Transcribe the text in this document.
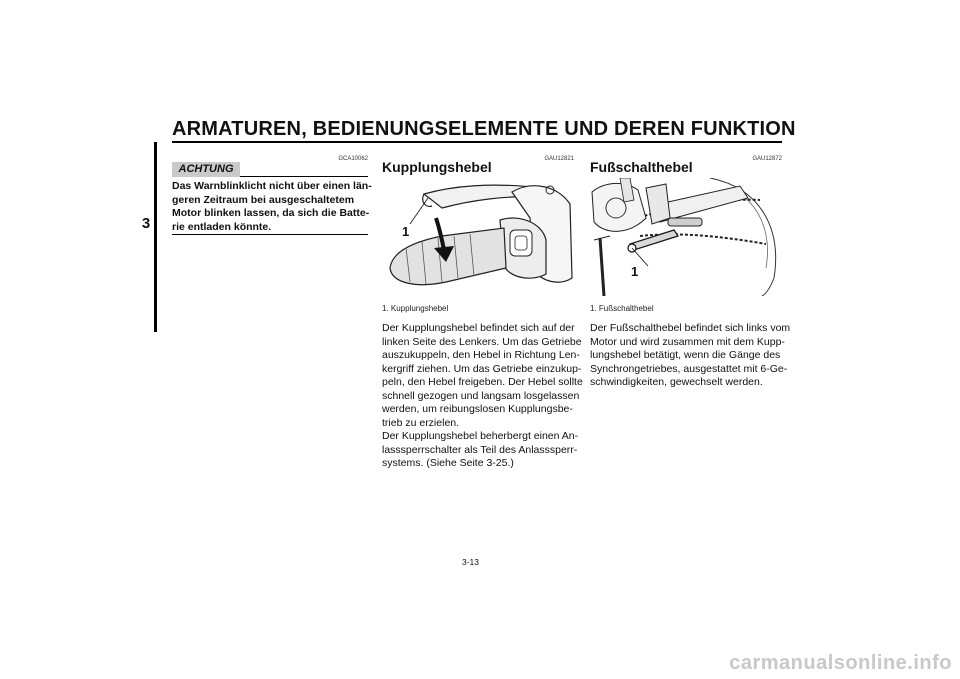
ARMATUREN, BEDIENUNGSELEMENTE UND DEREN FUNKTION
3
GCA10062
ACHTUNG
Das Warnblinklicht nicht über einen län-
geren Zeitraum bei ausgeschaltetem
Motor blinken lassen, da sich die Batte-
rie entladen könnte.
GAU12821
Kupplungshebel
1
1. Kupplungshebel
Der Kupplungshebel befindet sich auf der
linken Seite des Lenkers. Um das Getriebe
auszukuppeln, den Hebel in Richtung Len-
kergriff ziehen. Um das Getriebe einzukup-
peln, den Hebel freigeben. Der Hebel sollte
schnell gezogen und langsam losgelassen
werden, um reibungslosen Kupplungsbe-
trieb zu erzielen.
Der Kupplungshebel beherbergt einen An-
lasssperrschalter als Teil des Anlasssperr-
systems. (Siehe Seite 3-25.)
GAU12872
Fußschalthebel
1
1. Fußschalthebel
Der Fußschalthebel befindet sich links vom
Motor und wird zusammen mit dem Kupp-
lungshebel betätigt, wenn die Gänge des
Synchrongetriebes, ausgestattet mit 6-Ge-
schwindigkeiten, gewechselt werden.
3-13
carmanualsonline.info
